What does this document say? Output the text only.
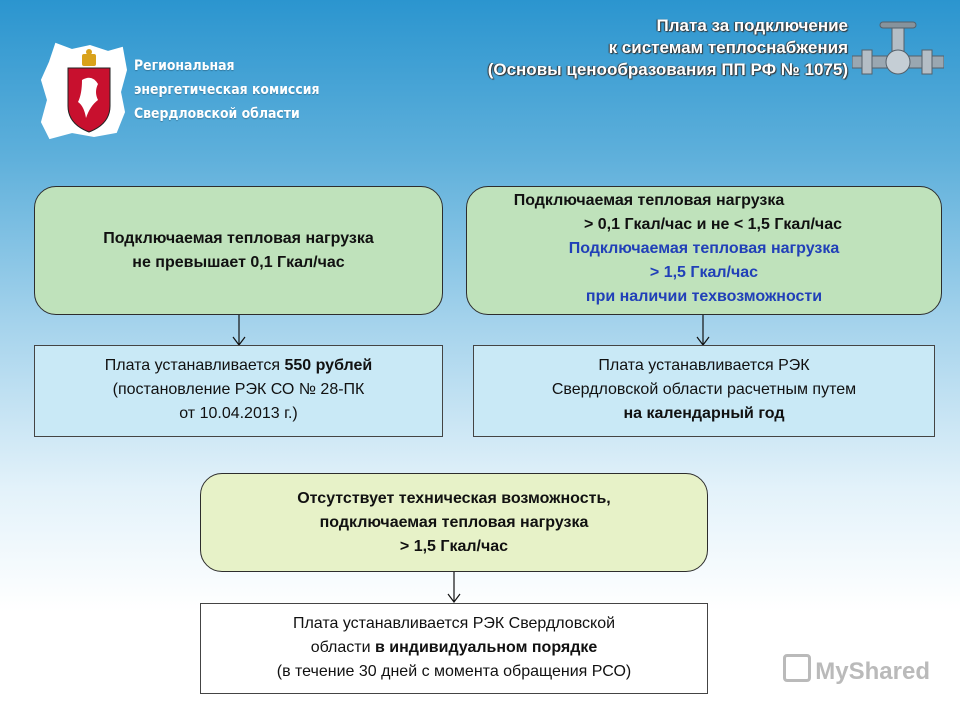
Региональная
энергетическая комиссия
Свердловской области
Плата за подключение
к системам теплоснабжения
(Основы ценообразования ПП РФ № 1075)
Подключаемая тепловая нагрузка
не превышает 0,1 Гкал/час
Подключаемая тепловая нагрузка
> 0,1 Гкал/час и не < 1,5 Гкал/час
Подключаемая тепловая нагрузка
> 1,5 Гкал/час
при наличии техвозможности
Плата устанавливается 550 рублей
(постановление РЭК СО № 28-ПК
от 10.04.2013 г.)
Плата устанавливается РЭК
Свердловской области расчетным путем
на календарный год
Отсутствует техническая возможность,
подключаемая тепловая нагрузка
> 1,5 Гкал/час
Плата устанавливается РЭК Свердловской
области в индивидуальном порядке
(в течение 30 дней с момента обращения РСО)	MyShared
